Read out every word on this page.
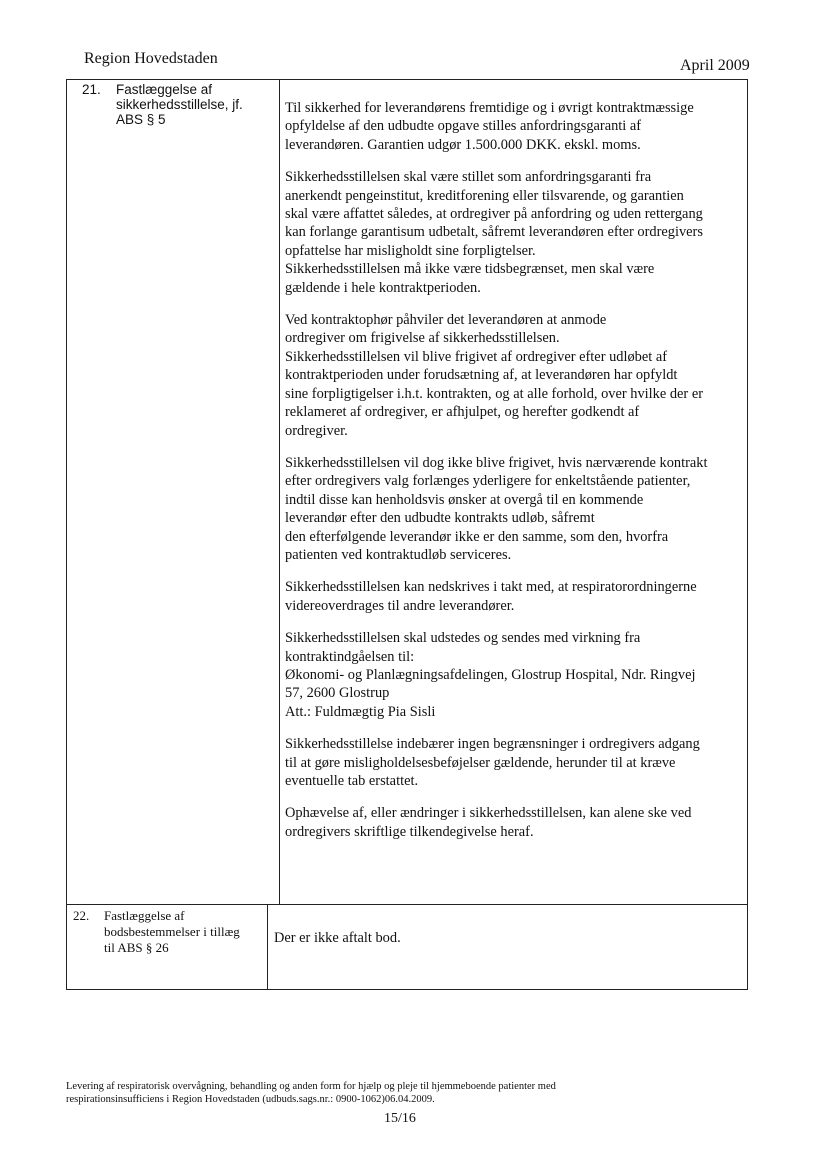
Region Hovedstaden	April 2009
21. Fastlæggelse af
sikkerhedsstillelse, jf.
ABS § 5
Til sikkerhed for leverandørens fremtidige og i øvrigt kontraktmæssige
opfyldelse af den udbudte opgave stilles anfordringsgaranti af
leverandøren. Garantien udgør 1.500.000 DKK. ekskl. moms.
Sikkerhedsstillelsen skal være stillet som anfordringsgaranti fra
anerkendt pengeinstitut, kreditforening eller tilsvarende, og garantien
skal være affattet således, at ordregiver på anfordring og uden rettergang
kan forlange garantisum udbetalt, såfremt leverandøren efter ordregivers
opfattelse har misligholdt sine forpligtelser.
Sikkerhedsstillelsen må ikke være tidsbegrænset, men skal være
gældende i hele kontraktperioden.
Ved kontraktophør påhviler det leverandøren at anmode
ordregiver om frigivelse af sikkerhedsstillelsen.
Sikkerhedsstillelsen vil blive frigivet af ordregiver efter udløbet af
kontraktperioden under forudsætning af, at leverandøren har opfyldt
sine forpligtigelser i.h.t. kontrakten, og at alle forhold, over hvilke der er
reklameret af ordregiver, er afhjulpet, og herefter godkendt af
ordregiver.
Sikkerhedsstillelsen vil dog ikke blive frigivet, hvis nærværende kontrakt
efter ordregivers valg forlænges yderligere for enkeltstående patienter,
indtil disse kan henholdsvis ønsker at overgå til en kommende
leverandør efter den udbudte kontrakts udløb, såfremt
den efterfølgende leverandør ikke er den samme, som den, hvorfra
patienten ved kontraktudløb serviceres.
Sikkerhedsstillelsen kan nedskrives i takt med, at respiratorordningerne
videreoverdrages til andre leverandører.
Sikkerhedsstillelsen skal udstedes og sendes med virkning fra
kontraktindgåelsen til:
Økonomi- og Planlægningsafdelingen, Glostrup Hospital, Ndr. Ringvej
57, 2600 Glostrup
Att.: Fuldmægtig Pia Sisli
Sikkerhedsstillelse indebærer ingen begrænsninger i ordregivers adgang
til at gøre misligholdelsesbeføjelser gældende, herunder til at kræve
eventuelle tab erstattet.
Ophævelse af, eller ændringer i sikkerhedsstillelsen, kan alene ske ved
ordregivers skriftlige tilkendegivelse heraf.
22. Fastlæggelse af
bodsbestemmelser i tillæg
til ABS § 26
Der er ikke aftalt bod.
Levering af respiratorisk overvågning, behandling og anden form for hjælp og pleje til hjemmeboende patienter med
respirationsinsufficiens i Region Hovedstaden (udbuds.sags.nr.: 0900-1062)06.04.2009.
15/16
